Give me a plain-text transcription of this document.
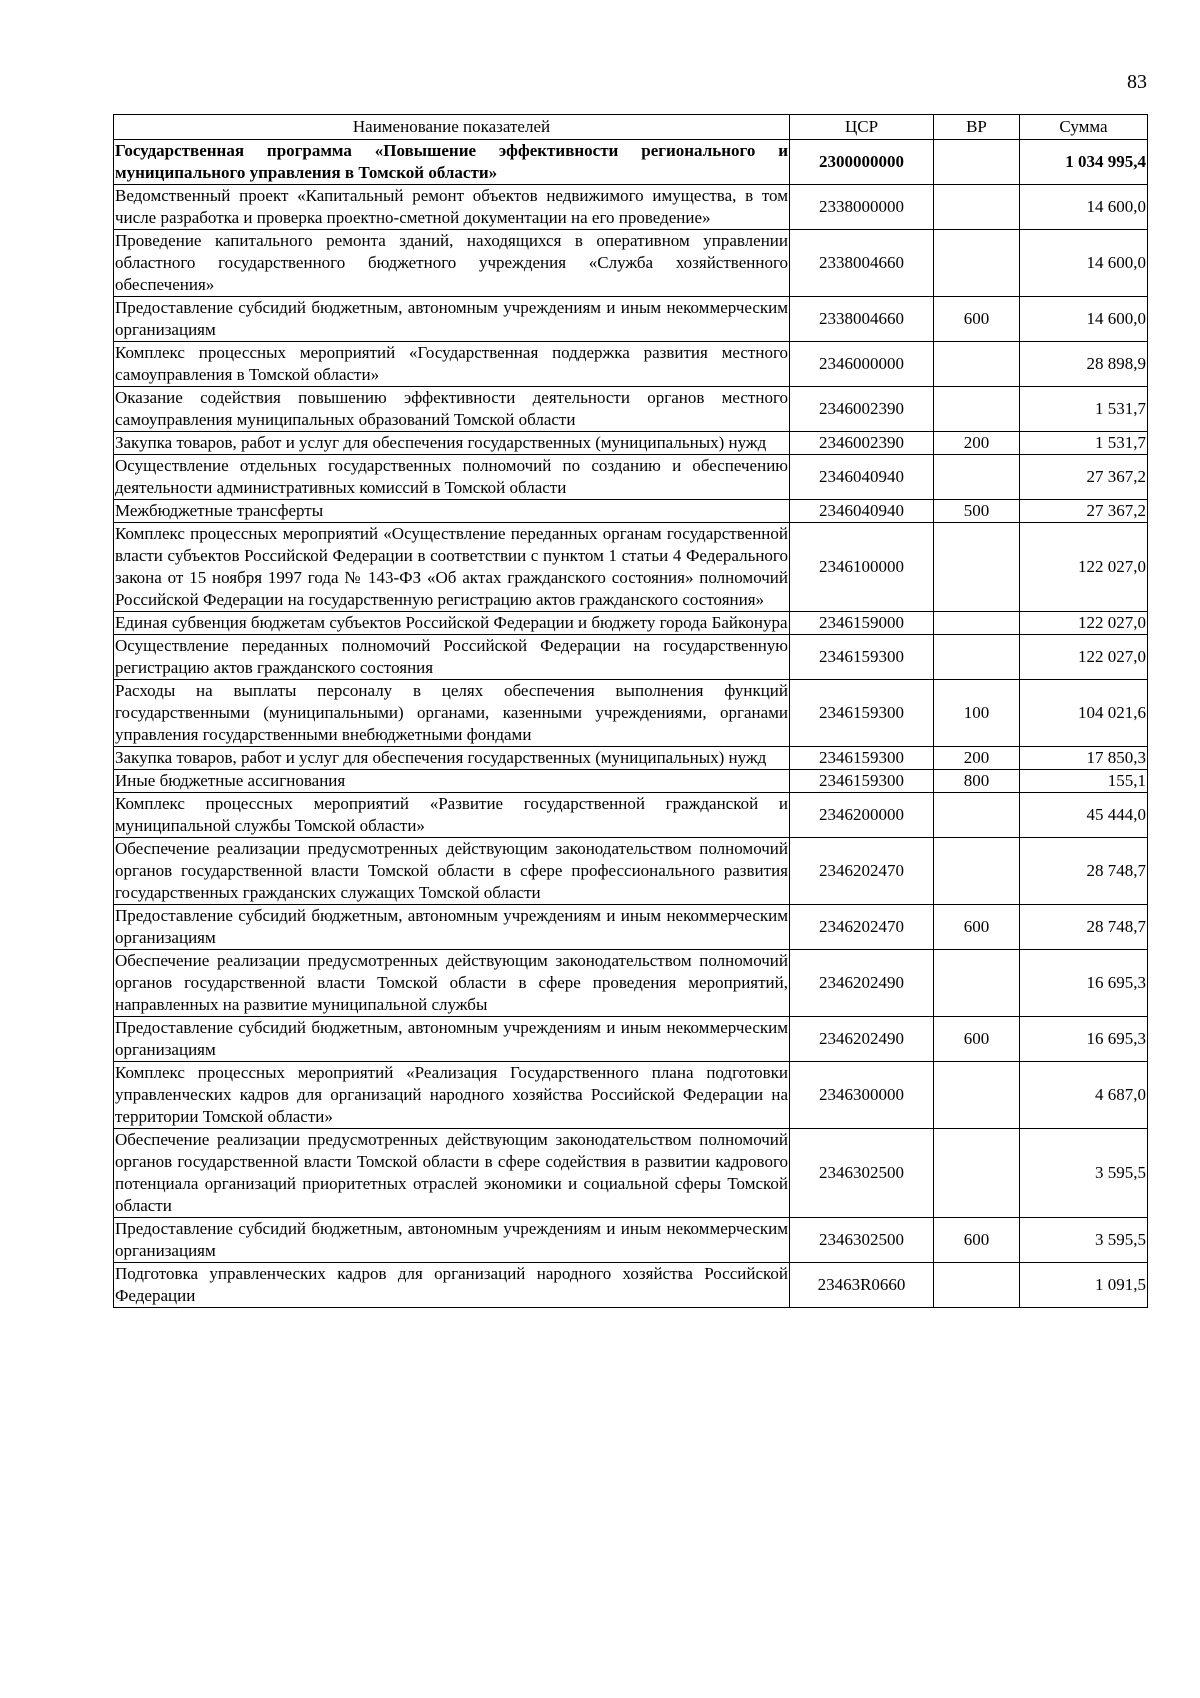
83
Наименование показателей	ЦСР	ВР	Сумма
Государственная программа «Повышение эффективности регионального и муниципального управления в Томской области»	2300000000		1 034 995,4
Ведомственный проект «Капитальный ремонт объектов недвижимого имущества, в том числе разработка и проверка проектно-сметной документации на его проведение»	2338000000		14 600,0
Проведение капитального ремонта зданий, находящихся в оперативном управлении областного государственного бюджетного учреждения «Служба хозяйственного обеспечения»	2338004660		14 600,0
Предоставление субсидий бюджетным, автономным учреждениям и иным некоммерческим организациям	2338004660	600	14 600,0
Комплекс процессных мероприятий «Государственная поддержка развития местного самоуправления в Томской области»	2346000000		28 898,9
Оказание содействия повышению эффективности деятельности органов местного самоуправления муниципальных образований Томской области	2346002390		1 531,7
Закупка товаров, работ и услуг для обеспечения государственных (муниципальных) нужд	2346002390	200	1 531,7
Осуществление отдельных государственных полномочий по созданию и обеспечению деятельности административных комиссий в Томской области	2346040940		27 367,2
Межбюджетные трансферты	2346040940	500	27 367,2
Комплекс процессных мероприятий «Осуществление переданных органам государственной власти субъектов Российской Федерации в соответствии с пунктом 1 статьи 4 Федерального закона от 15 ноября 1997 года № 143-ФЗ «Об актах гражданского состояния» полномочий Российской Федерации на государственную регистрацию актов гражданского состояния»	2346100000		122 027,0
Единая субвенция бюджетам субъектов Российской Федерации и бюджету города Байконура	2346159000		122 027,0
Осуществление переданных полномочий Российской Федерации на государственную регистрацию актов гражданского состояния	2346159300		122 027,0
Расходы на выплаты персоналу в целях обеспечения выполнения функций государственными (муниципальными) органами, казенными учреждениями, органами управления государственными внебюджетными фондами	2346159300	100	104 021,6
Закупка товаров, работ и услуг для обеспечения государственных (муниципальных) нужд	2346159300	200	17 850,3
Иные бюджетные ассигнования	2346159300	800	155,1
Комплекс процессных мероприятий «Развитие государственной гражданской и муниципальной службы Томской области»	2346200000		45 444,0
Обеспечение реализации предусмотренных действующим законодательством полномочий органов государственной власти Томской области в сфере профессионального развития государственных гражданских служащих Томской области	2346202470		28 748,7
Предоставление субсидий бюджетным, автономным учреждениям и иным некоммерческим организациям	2346202470	600	28 748,7
Обеспечение реализации предусмотренных действующим законодательством полномочий органов государственной власти Томской области в сфере проведения мероприятий, направленных на развитие муниципальной службы	2346202490		16 695,3
Предоставление субсидий бюджетным, автономным учреждениям и иным некоммерческим организациям	2346202490	600	16 695,3
Комплекс процессных мероприятий «Реализация Государственного плана подготовки управленческих кадров для организаций народного хозяйства Российской Федерации на территории Томской области»	2346300000		4 687,0
Обеспечение реализации предусмотренных действующим законодательством полномочий органов государственной власти Томской области в сфере содействия в развитии кадрового потенциала организаций приоритетных отраслей экономики и социальной сферы Томской области	2346302500		3 595,5
Предоставление субсидий бюджетным, автономным учреждениям и иным некоммерческим организациям	2346302500	600	3 595,5
Подготовка управленческих кадров для организаций народного хозяйства Российской Федерации	23463R0660		1 091,5
